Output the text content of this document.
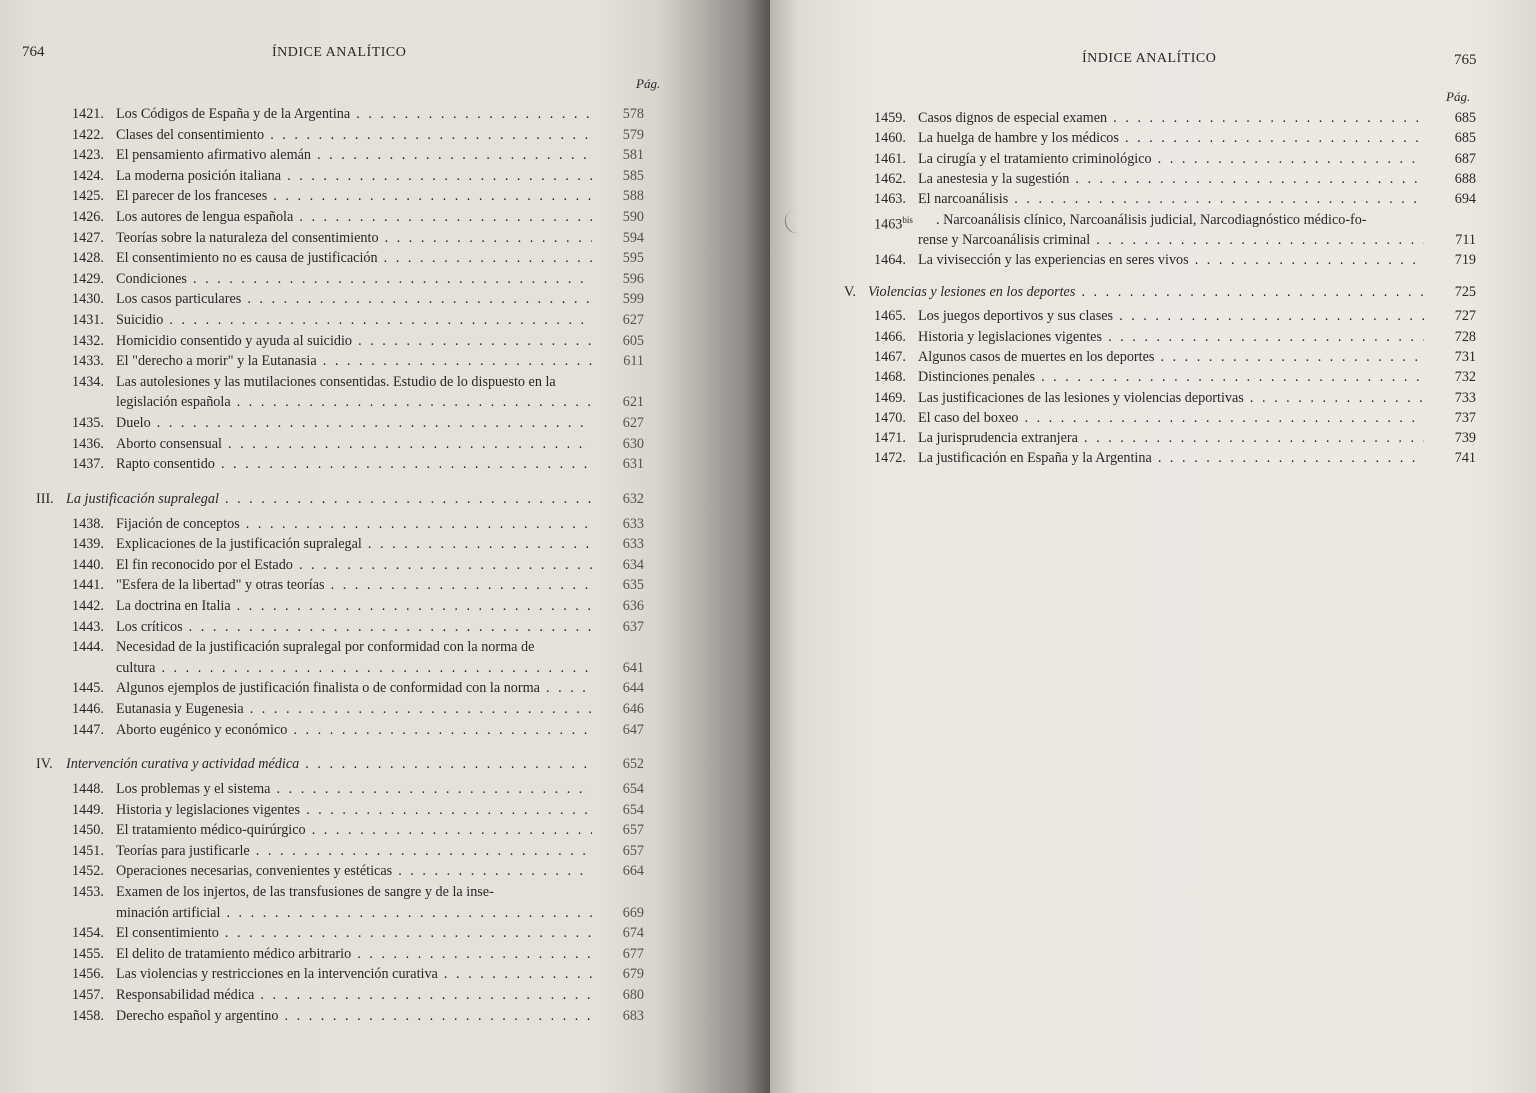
764	ÍNDICE ANALÍTICO
Pág.
1421. Los Códigos de España y de la Argentina . . .	578
1422. Clases del consentimiento . . .	579
1423. El pensamiento afirmativo alemán . . .	581
1424. La moderna posición italiana . . .	585
1425. El parecer de los franceses . . .	588
1426. Los autores de lengua española . . .	590
1427. Teorías sobre la naturaleza del consentimiento . . .	594
1428. El consentimiento no es causa de justificación . . .	595
1429. Condiciones . . .	596
1430. Los casos particulares . . .	599
1431. Suicidio . . .	627
1432. Homicidio consentido y ayuda al suicidio . . .	605
1433. El "derecho a morir" y la Eutanasia . . .	611
1434. Las autolesiones y las mutilaciones consentidas. Estudio de lo dispuesto en la
legislación española . . .	621
1435. Duelo . . .	627
1436. Aborto consensual . . .	630
1437. Rapto consentido . . .	631
III. La justificación supralegal . . .	632
1438. Fijación de conceptos . . .	633
1439. Explicaciones de la justificación supralegal . . .	633
1440. El fin reconocido por el Estado . . .	634
1441. "Esfera de la libertad" y otras teorías . . .	635
1442. La doctrina en Italia . . .	636
1443. Los críticos . . .	637
1444. Necesidad de la justificación supralegal por conformidad con la norma de
cultura . . .	641
1445. Algunos ejemplos de justificación finalista o de conformidad con la norma . . .	644
1446. Eutanasia y Eugenesia . . .	646
1447. Aborto eugénico y económico . . .	647
IV. Intervención curativa y actividad médica . . .	652
1448. Los problemas y el sistema . . .	654
1449. Historia y legislaciones vigentes . . .	654
1450. El tratamiento médico-quirúrgico . . .	657
1451. Teorías para justificarle . . .	657
1452. Operaciones necesarias, convenientes y estéticas . . .	664
1453. Examen de los injertos, de las transfusiones de sangre y de la inse-
minación artificial . . .	669
1454. El consentimiento . . .	674
1455. El delito de tratamiento médico arbitrario . . .	677
1456. Las violencias y restricciones en la intervención curativa . . .	679
1457. Responsabilidad médica . . .	680
1458. Derecho español y argentino . . .	683
ÍNDICE ANALÍTICO	765
Pág.
1459. Casos dignos de especial examen . . .	685
1460. La huelga de hambre y los médicos . . .	685
1461. La cirugía y el tratamiento criminológico . . .	687
1462. La anestesia y la sugestión . . .	688
1463. El narcoanálisis . . .	694
$1463^{bis}$ . Narcoanálisis clínico, Narcoanálisis judicial, Narcodiagnóstico médico-fo-
rense y Narcoanálisis criminal . . .	711
1464. La vivisección y las experiencias en seres vivos . . .	719
V. Violencias y lesiones en los deportes . . .	725
1465. Los juegos deportivos y sus clases . . .	727
1466. Historia y legislaciones vigentes . . .	728
1467. Algunos casos de muertes en los deportes . . .	731
1468. Distinciones penales . . .	732
1469. Las justificaciones de las lesiones y violencias deportivas . . .	733
1470. El caso del boxeo . . .	737
1471. La jurisprudencia extranjera . . .	739
1472. La justificación en España y la Argentina . . .	741
